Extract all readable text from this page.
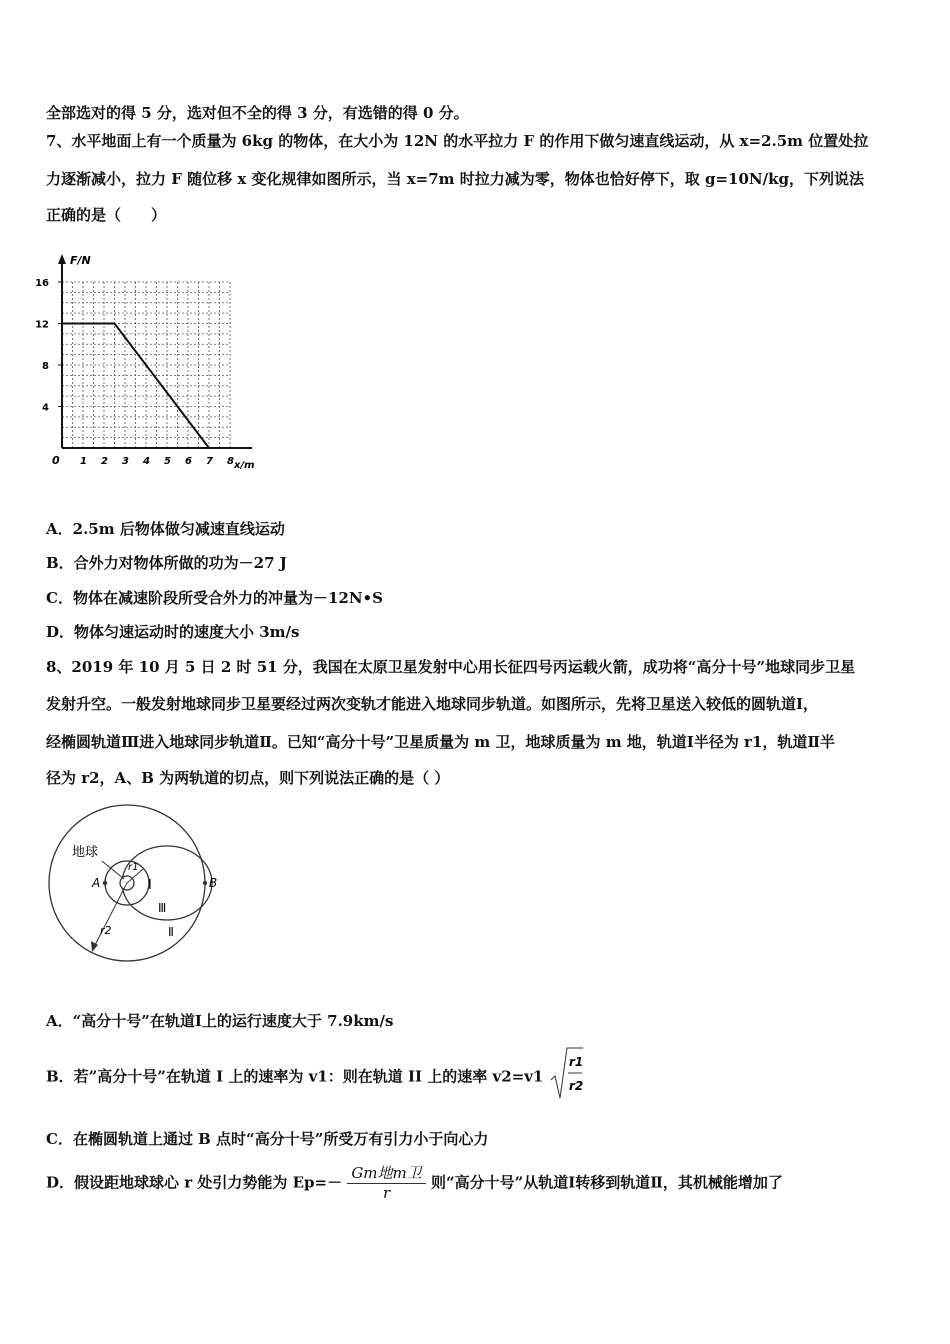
全部选对的得 5 分，选对但不全的得 3 分，有选错的得 0 分。
7、水平地面上有一个质量为 6kg 的物体，在大小为 12N 的水平拉力 F 的作用下做匀速直线运动，从 x=2.5m 位置处拉
力逐渐减小，拉力 F 随位移 x 变化规律如图所示，当 x=7m 时拉力减为零，物体也恰好停下，取 g=10N/kg，下列说法
正确的是（　　）
F/N
x/m
0 1 2 3 4 5 6 7 8
4
8
12
16
A．2.5m 后物体做匀减速直线运动
B．合外力对物体所做的功为－27 J
C．物体在减速阶段所受合外力的冲量为－12N•S
D．物体匀速运动时的速度大小 3m/s
8、2019 年 10 月 5 日 2 时 51 分，我国在太原卫星发射中心用长征四号丙运载火箭，成功将“高分十号”地球同步卫星
发射升空。一般发射地球同步卫星要经过两次变轨才能进入地球同步轨道。如图所示，先将卫星送入较低的圆轨道Ⅰ，
经椭圆轨道Ⅲ进入地球同步轨道Ⅱ。已知“高分十号”卫星质量为 m 卫，地球质量为 m 地，轨道Ⅰ半径为 r1，轨道Ⅱ半
径为 r2，A、B 为两轨道的切点，则下列说法正确的是（ ）
地球
r1
r2
A	B
Ⅰ
Ⅲ
Ⅱ
A．“高分十号”在轨道Ⅰ上的运行速度大于 7.9km/s
B．若”高分十号”在轨道 I 上的速率为 v1：则在轨道 II 上的速率 v2=v1
r1
r2
C．在椭圆轨道上通过 B 点时“高分十号”所受万有引力小于向心力
D．假设距地球球心 r 处引力势能为 $Ep=- \frac{\text{Gm地m卫}}{r}$ 则“高分十号”从轨道Ⅰ转移到轨道Ⅱ，其机械能增加了
